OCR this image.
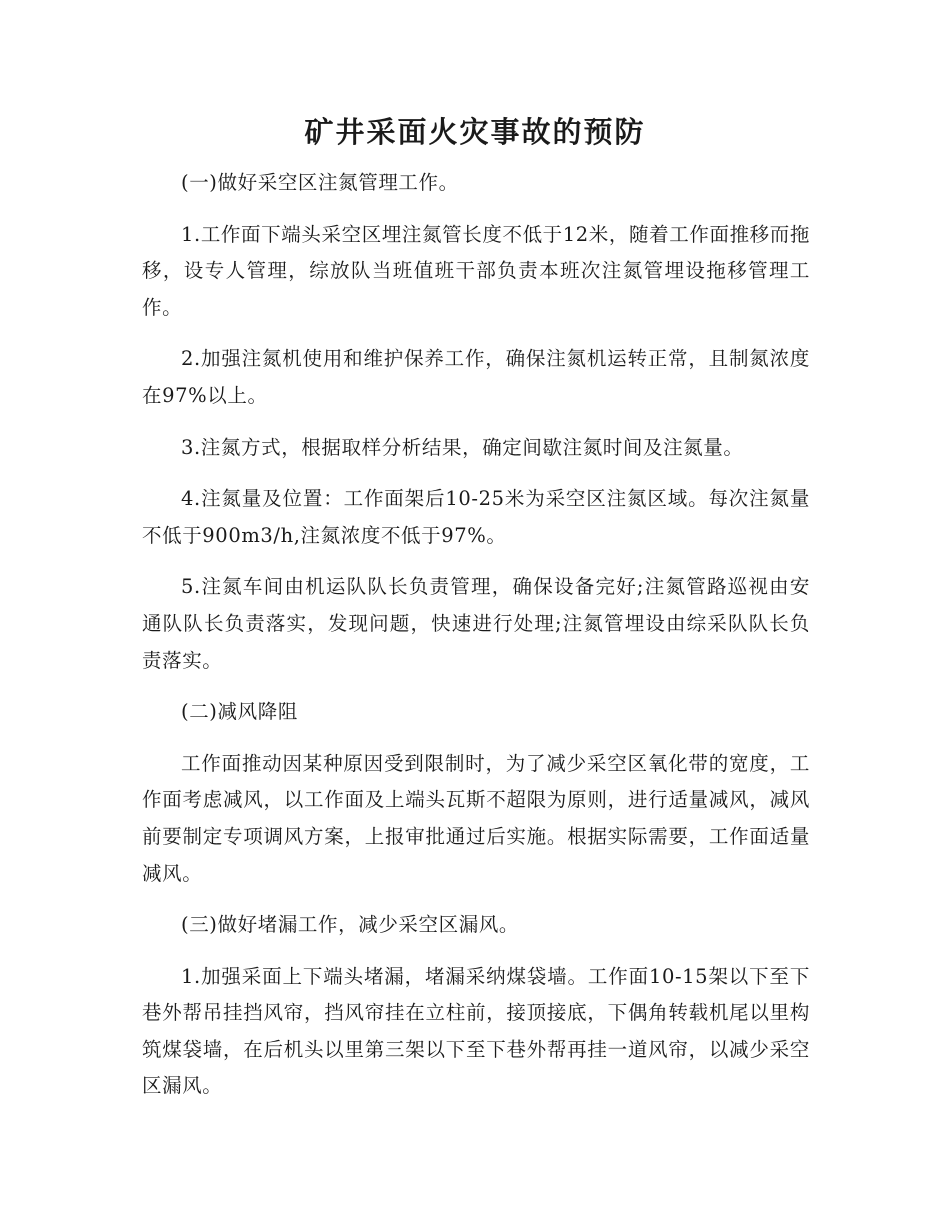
矿井采面火灾事故的预防

(一)做好采空区注氮管理工作。

1.工作面下端头采空区埋注氮管长度不低于12米，随着工作面推移而拖移，设专人管理，综放队当班值班干部负责本班次注氮管埋设拖移管理工作。

2.加强注氮机使用和维护保养工作，确保注氮机运转正常，且制氮浓度在97%以上。

3.注氮方式，根据取样分析结果，确定间歇注氮时间及注氮量。

4.注氮量及位置：工作面架后10-25米为采空区注氮区域。每次注氮量不低于900m3/h,注氮浓度不低于97%。

5.注氮车间由机运队队长负责管理，确保设备完好;注氮管路巡视由安通队队长负责落实，发现问题，快速进行处理;注氮管埋设由综采队队长负责落实。

(二)减风降阻

工作面推动因某种原因受到限制时，为了减少采空区氧化带的宽度，工作面考虑减风，以工作面及上端头瓦斯不超限为原则，进行适量减风，减风前要制定专项调风方案，上报审批通过后实施。根据实际需要，工作面适量减风。

(三)做好堵漏工作，减少采空区漏风。

1.加强采面上下端头堵漏，堵漏采纳煤袋墙。工作面10-15架以下至下巷外帮吊挂挡风帘，挡风帘挂在立柱前，接顶接底，下偶角转载机尾以里构筑煤袋墙，在后机头以里第三架以下至下巷外帮再挂一道风帘，以减少采空区漏风。
